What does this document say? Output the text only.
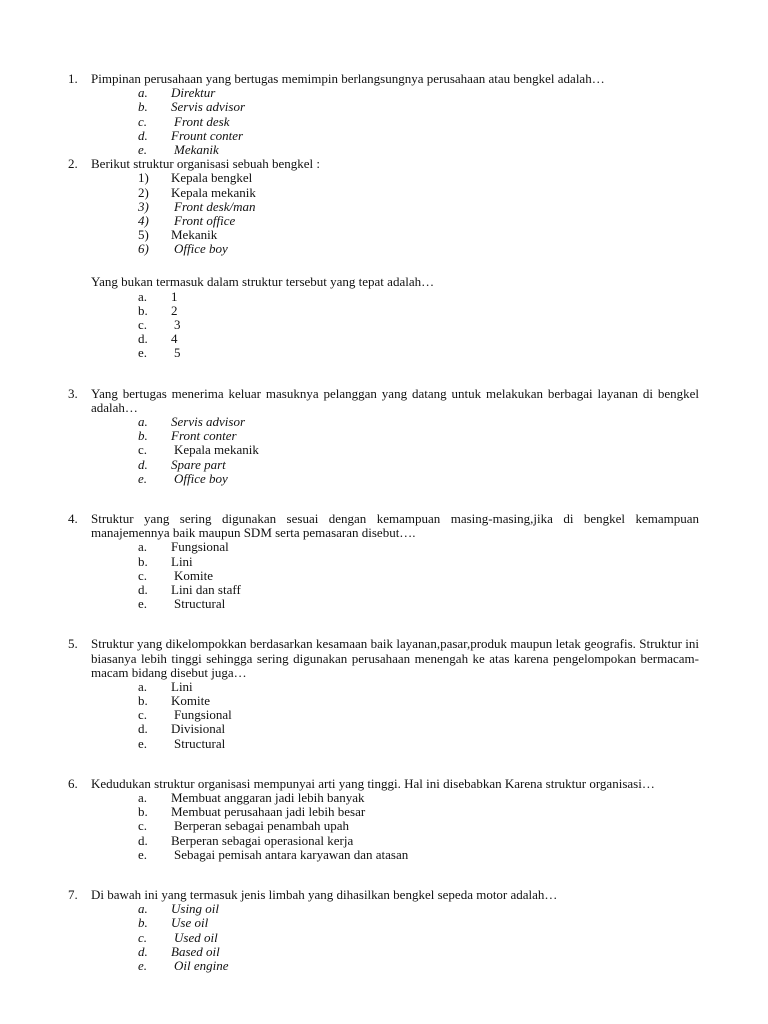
1. Pimpinan perusahaan yang bertugas memimpin berlangsungnya perusahaan atau bengkel adalah…
a. Direktur
b. Servis advisor
c. Front desk
d. Frount conter
e. Mekanik
2. Berikut struktur organisasi sebuah bengkel :
1) Kepala bengkel
2) Kepala mekanik
3) Front desk/man
4) Front office
5) Mekanik
6) Office boy
Yang bukan termasuk dalam struktur tersebut yang tepat adalah…
a. 1
b. 2
c. 3
d. 4
e. 5
3. Yang bertugas menerima keluar masuknya pelanggan yang datang untuk melakukan berbagai layanan di bengkel adalah…
a. Servis advisor
b. Front conter
c. Kepala mekanik
d. Spare part
e. Office boy
4. Struktur yang sering digunakan sesuai dengan kemampuan masing-masing,jika di bengkel kemampuan manajemennya baik maupun SDM serta pemasaran disebut….
a. Fungsional
b. Lini
c. Komite
d. Lini dan staff
e. Structural
5. Struktur yang dikelompokkan berdasarkan kesamaan baik layanan,pasar,produk maupun letak geografis. Struktur ini biasanya lebih tinggi sehingga sering digunakan perusahaan menengah ke atas karena pengelompokan bermacam-macam bidang disebut juga…
a. Lini
b. Komite
c. Fungsional
d. Divisional
e. Structural
6. Kedudukan struktur organisasi mempunyai arti yang tinggi. Hal ini disebabkan Karena struktur organisasi…
a. Membuat anggaran jadi lebih banyak
b. Membuat perusahaan jadi lebih besar
c. Berperan sebagai penambah upah
d. Berperan sebagai operasional kerja
e. Sebagai pemisah antara karyawan dan atasan
7. Di bawah ini yang termasuk jenis limbah yang dihasilkan bengkel sepeda motor adalah…
a. Using oil
b. Use oil
c. Used oil
d. Based oil
e. Oil engine
